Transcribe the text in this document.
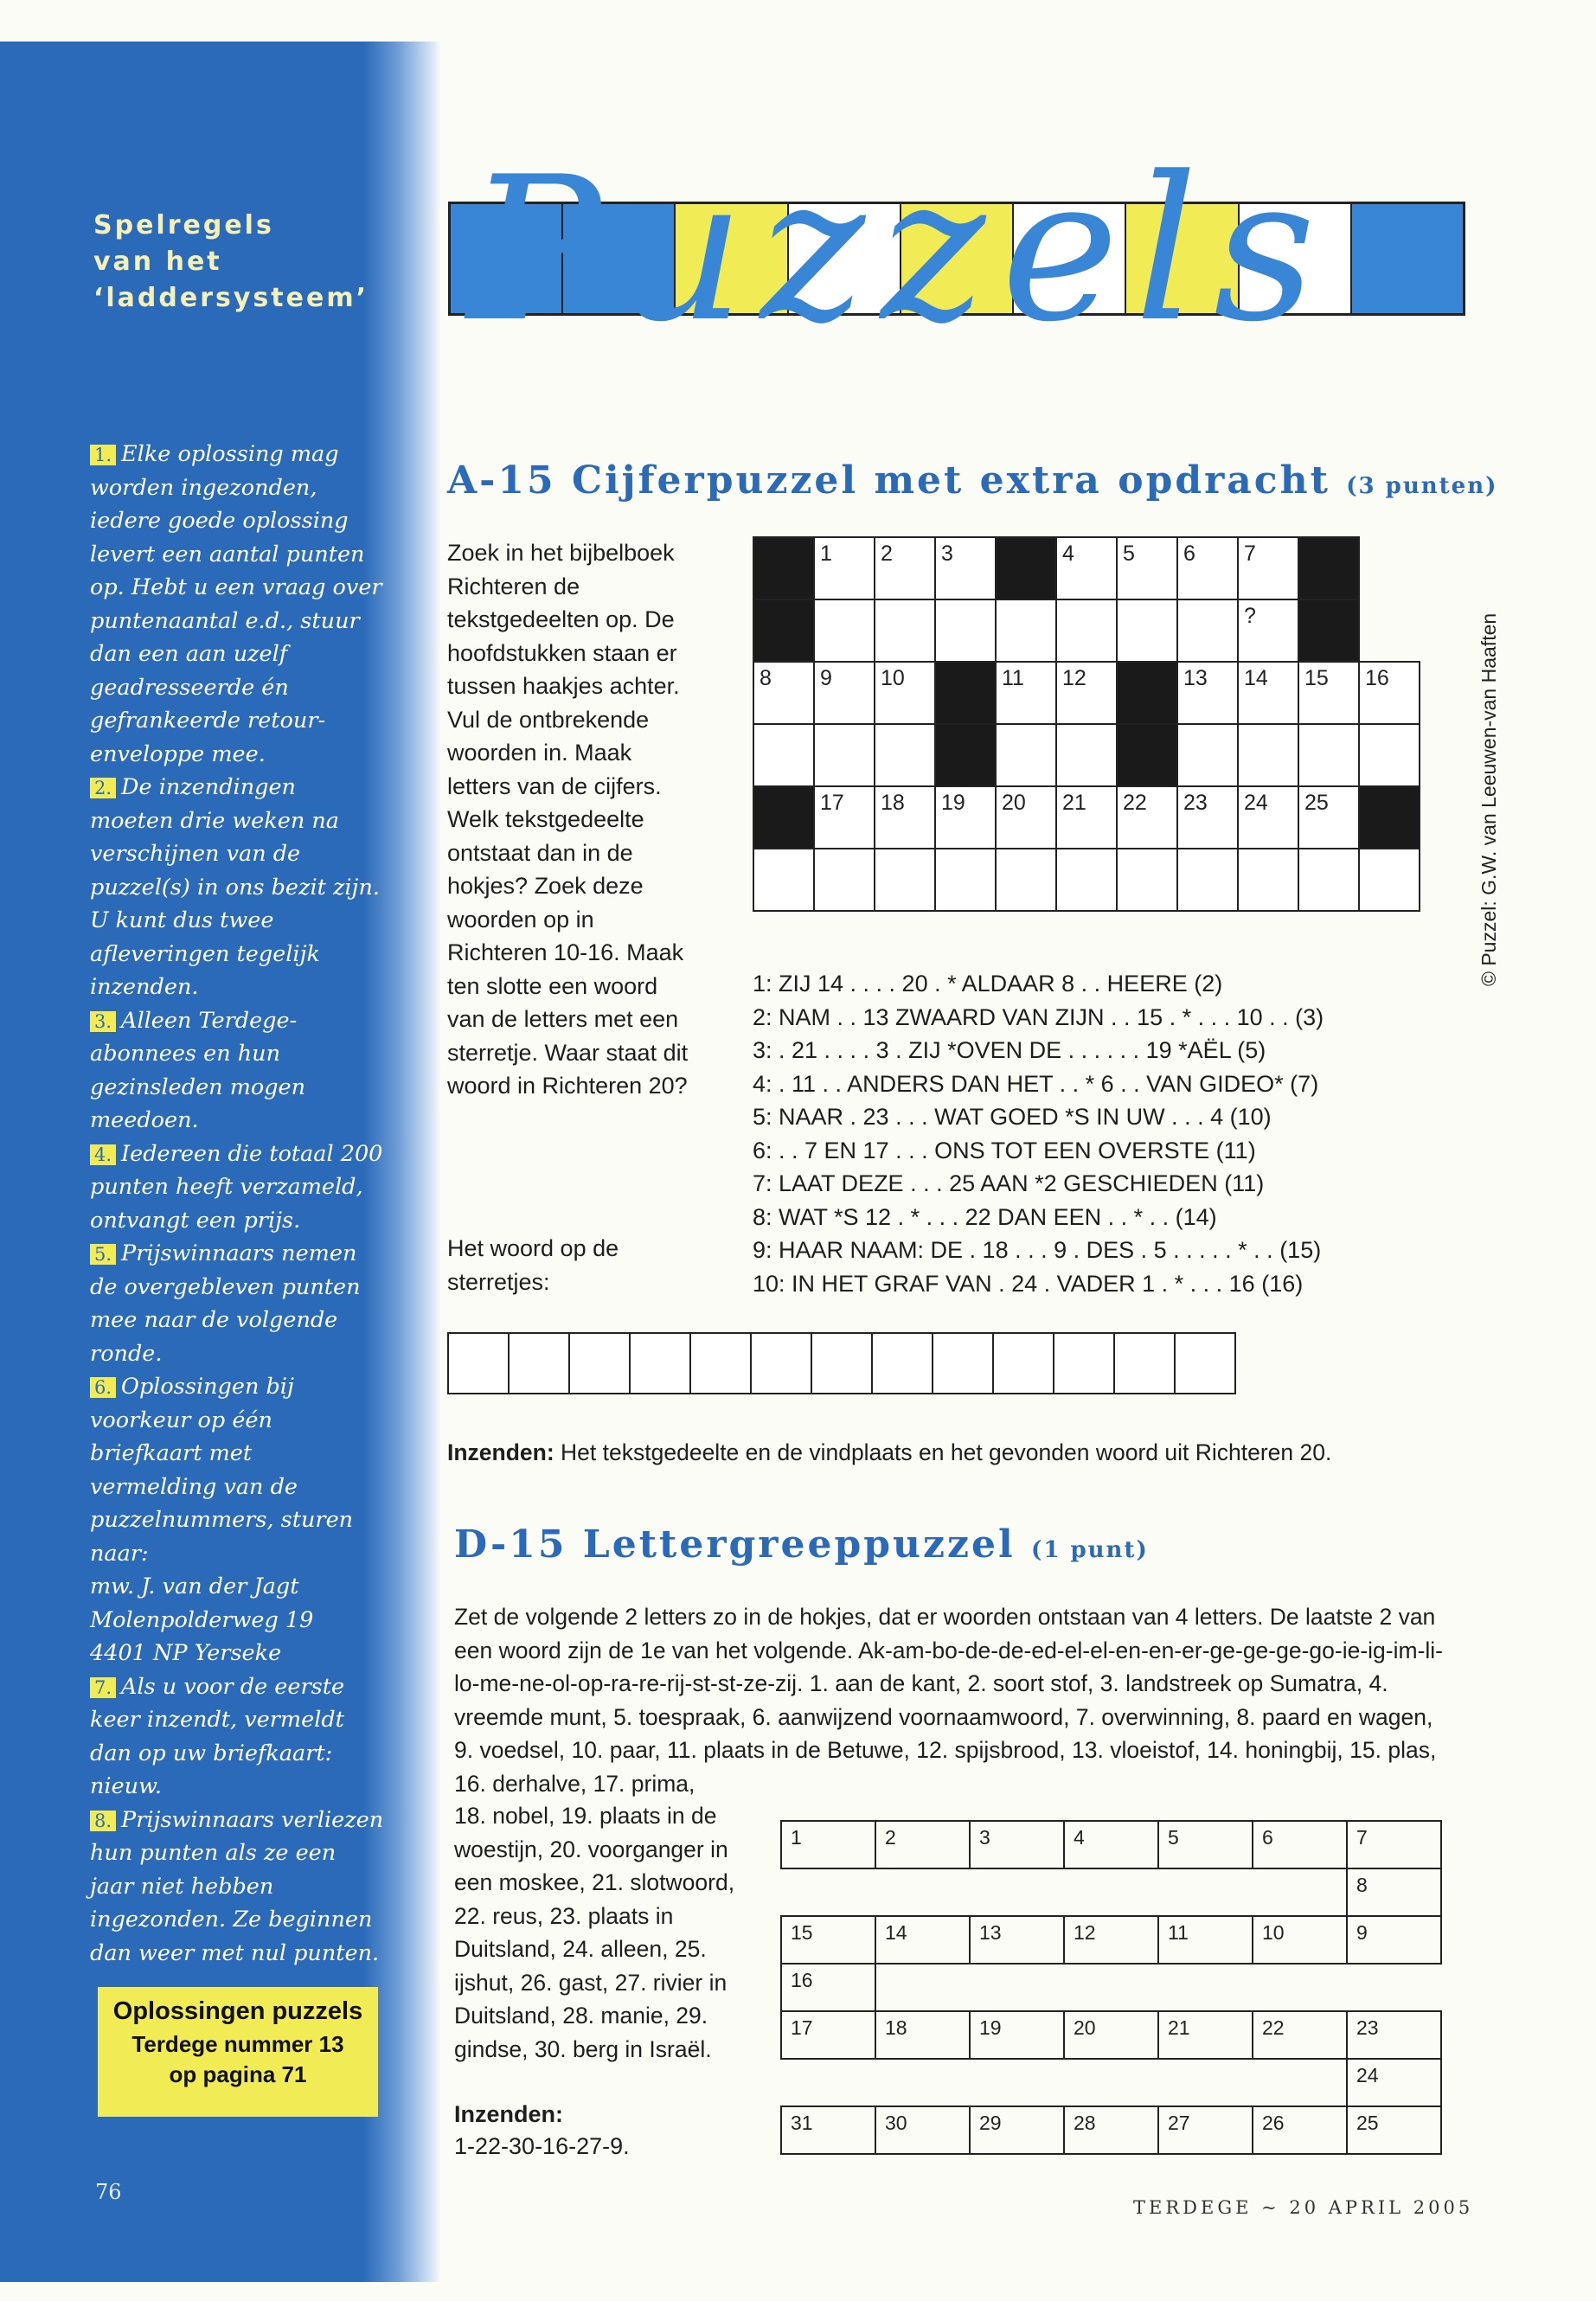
Spelregels
van het
‘laddersysteem’

1. Elke oplossing mag worden ingezonden, iedere goede oplossing levert een aantal punten op. Hebt u een vraag over puntenaantal e.d., stuur dan een aan uzelf geadresseerde én gefrankeerde retour-enveloppe mee.

2. De inzendingen moeten drie weken na verschijnen van de puzzel(s) in ons bezit zijn. U kunt dus twee afleveringen tegelijk inzenden.

3. Alleen Terdege-abonnees en hun gezinsleden mogen meedoen.

4. Iedereen die totaal 200 punten heeft verzameld, ontvangt een prijs.

5. Prijswinnaars nemen de overgebleven punten mee naar de volgende ronde.

6. Oplossingen bij voorkeur op één briefkaart met vermelding van de puzzelnummers, sturen naar:

mw. J. van der Jagt

Molenpolderweg 19

4401 NP Yerseke

7. Als u voor de eerste keer inzendt, vermeldt dan op uw briefkaart: nieuw.

8. Prijswinnaars verliezen hun punten als ze een jaar niet hebben ingezonden. Ze beginnen dan weer met nul punten.

Oplossingen puzzels
Terdege nummer 13
op pagina 71
76
Puzzels
A-15 Cijferpuzzel met extra opdracht (3 punten)
Zoek in het bijbelboek Richteren de tekstgedeelten op. De hoofdstukken staan er tussen haakjes achter. Vul de ontbrekende woorden in. Maak letters van de cijfers. Welk tekstgedeelte ontstaat dan in de hokjes? Zoek deze woorden op in Richteren 10-16. Maak ten slotte een woord van de letters met een sterretje. Waar staat dit woord in Richteren 20?

	1	2	3		4	5	6	7		

								?		

8	9	10		11	12		13	14	15	16

	17	18	19	20	21	22	23	24	25	

1: ZIJ 14 . . . . 20 . * ALDAAR 8 . . HEERE (2)
2: NAM . . 13 ZWAARD VAN ZIJN . . 15 . * . . . 10 . . (3)
3: . 21 . . . . 3 . ZIJ *OVEN DE . . . . . . 19 *AËL (5)
4: . 11 . . ANDERS DAN HET . . * 6 . . VAN GIDEO* (7)
5: NAAR . 23 . . . WAT GOED *S IN UW . . . 4 (10)
6: . . 7 EN 17 . . . ONS TOT EEN OVERSTE (11)
7: LAAT DEZE . . . 25 AAN *2 GESCHIEDEN (11)
8: WAT *S 12 . * . . . 22 DAN EEN . . * . . (14)
9: HAAR NAAM: DE . 18 . . . 9 . DES . 5 . . . . . * . . (15)
10: IN HET GRAF VAN . 24 . VADER 1 . * . . . 16 (16)
Het woord op de sterretjes:

Inzenden: Het tekstgedeelte en de vindplaats en het gevonden woord uit Richteren 20.
D-15 Lettergreeppuzzel (1 punt)
Zet de volgende 2 letters zo in de hokjes, dat er woorden ontstaan van 4 letters. De laatste 2 van een woord zijn de 1e van het volgende. Ak-am-bo-de-de-ed-el-el-en-en-er-ge-ge-ge-go-ie-ig-im-li-lo-me-ne-ol-op-ra-re-rij-st-st-ze-zij. 1. aan de kant, 2. soort stof, 3. landstreek op Sumatra, 4. vreemde munt, 5. toespraak, 6. aanwijzend voornaamwoord, 7. overwinning, 8. paard en wagen, 9. voedsel, 10. paar, 11. plaats in de Betuwe, 12. spijsbrood, 13. vloeistof, 14. honingbij, 15. plas, 16. derhalve, 17. prima,
18. nobel, 19. plaats in de woestijn, 20. voorganger in een moskee, 21. slotwoord, 22. reus, 23. plaats in Duitsland, 24. alleen, 25. ijshut, 26. gast, 27. rivier in Duitsland, 28. manie, 29. gindse, 30. berg in Israël.
1	2	3	4	5	6	7

						8

15	14	13	12	11	10	9

16						

17	18	19	20	21	22	23

						24

31	30	29	28	27	26	25
Inzenden:
1-22-30-16-27-9.
© Puzzel: G.W. van Leeuwen-van Haaften
TERDEGE ~ 20 APRIL 2005
